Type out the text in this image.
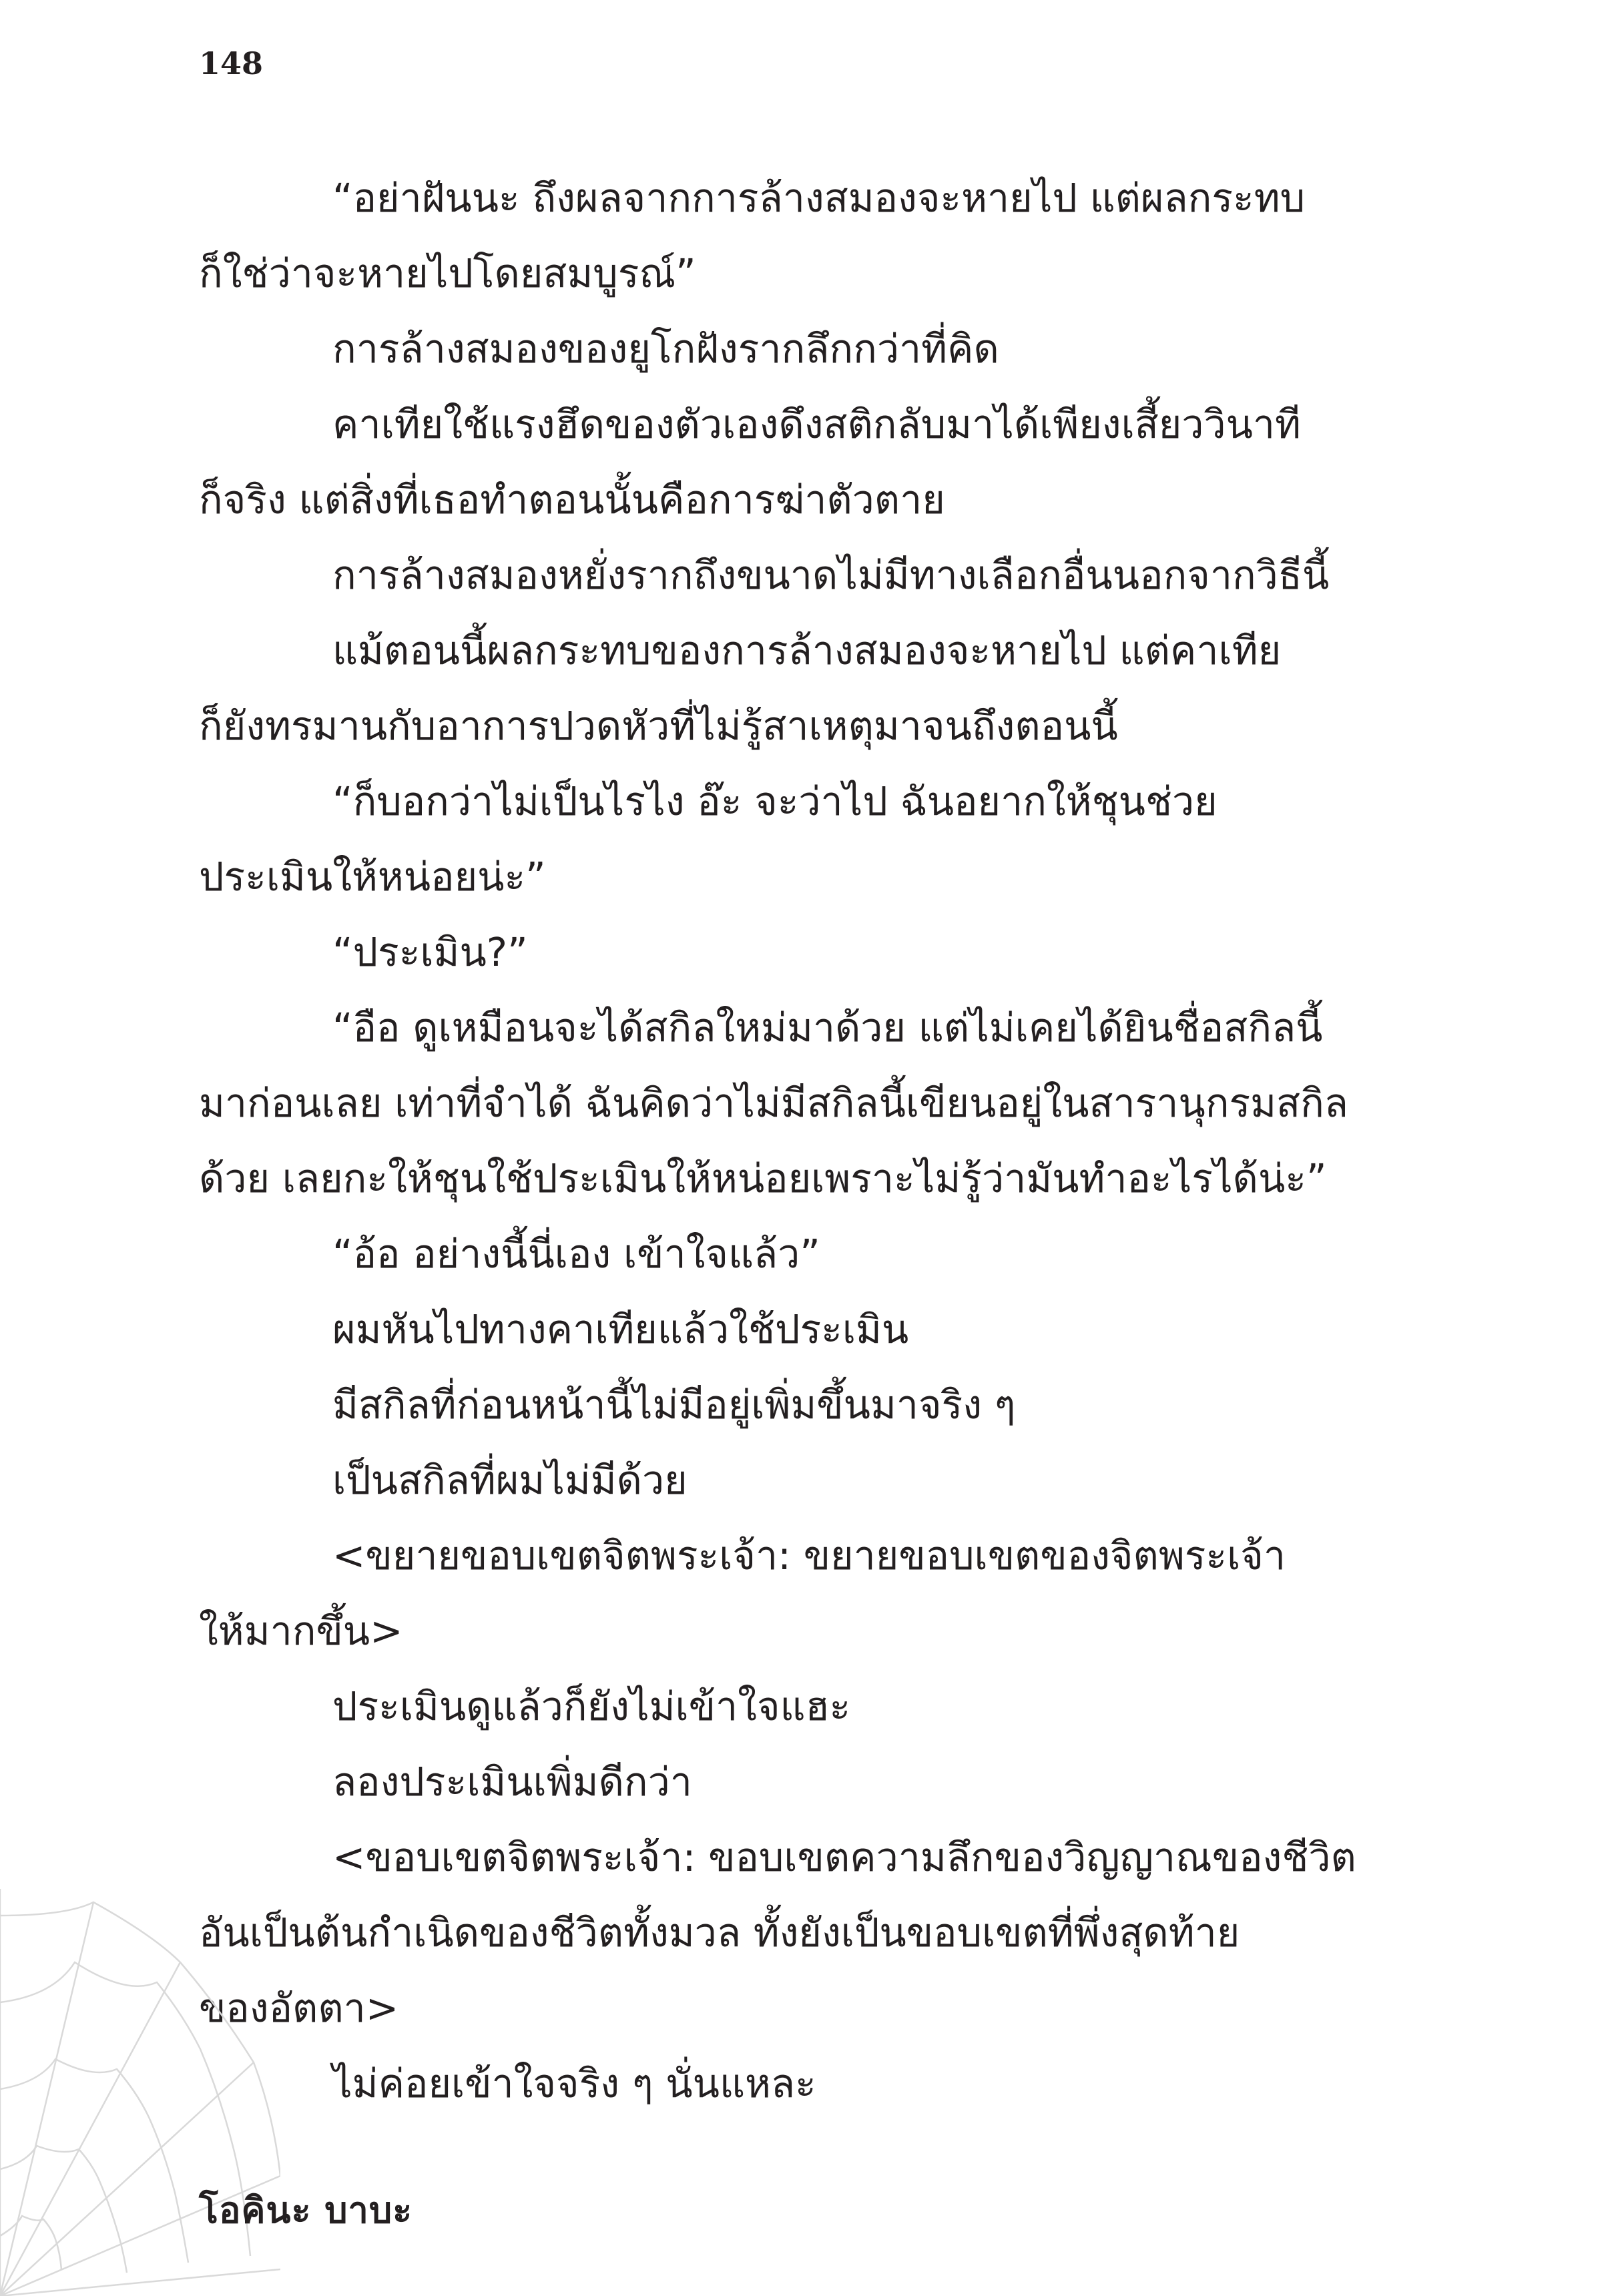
148

“อย่าฝันนะ ถึงผลจากการล้างสมองจะหายไป แต่ผลกระทบ

ก็ใช่ว่าจะหายไปโดยสมบูรณ์”

การล้างสมองของยูโกฝังรากลึกกว่าที่คิด

คาเทียใช้แรงฮึดของตัวเองดึงสติกลับมาได้เพียงเสี้ยววินาที

ก็จริง แต่สิ่งที่เธอทำตอนนั้นคือการฆ่าตัวตาย

การล้างสมองหยั่งรากถึงขนาดไม่มีทางเลือกอื่นนอกจากวิธีนี้

แม้ตอนนี้ผลกระทบของการล้างสมองจะหายไป แต่คาเทีย

ก็ยังทรมานกับอาการปวดหัวที่ไม่รู้สาเหตุมาจนถึงตอนนี้

“ก็บอกว่าไม่เป็นไรไง อ๊ะ จะว่าไป ฉันอยากให้ชุนช่วย

ประเมินให้หน่อยน่ะ”

“ประเมิน?”

“อือ ดูเหมือนจะได้สกิลใหม่มาด้วย แต่ไม่เคยได้ยินชื่อสกิลนี้

มาก่อนเลย เท่าที่จำได้ ฉันคิดว่าไม่มีสกิลนี้เขียนอยู่ในสารานุกรมสกิล

ด้วย เลยกะให้ชุนใช้ประเมินให้หน่อยเพราะไม่รู้ว่ามันทำอะไรได้น่ะ”

“อ้อ อย่างนี้นี่เอง เข้าใจแล้ว”

ผมหันไปทางคาเทียแล้วใช้ประเมิน

มีสกิลที่ก่อนหน้านี้ไม่มีอยู่เพิ่มขึ้นมาจริง ๆ

เป็นสกิลที่ผมไม่มีด้วย

<ขยายขอบเขตจิตพระเจ้า: ขยายขอบเขตของจิตพระเจ้า

ให้มากขึ้น>

ประเมินดูแล้วก็ยังไม่เข้าใจแฮะ

ลองประเมินเพิ่มดีกว่า

<ขอบเขตจิตพระเจ้า: ขอบเขตความลึกของวิญญาณของชีวิต

อันเป็นต้นกำเนิดของชีวิตทั้งมวล ทั้งยังเป็นขอบเขตที่พึ่งสุดท้าย

ของอัตตา>

ไม่ค่อยเข้าใจจริง ๆ นั่นแหละ

โอคินะ บาบะ
